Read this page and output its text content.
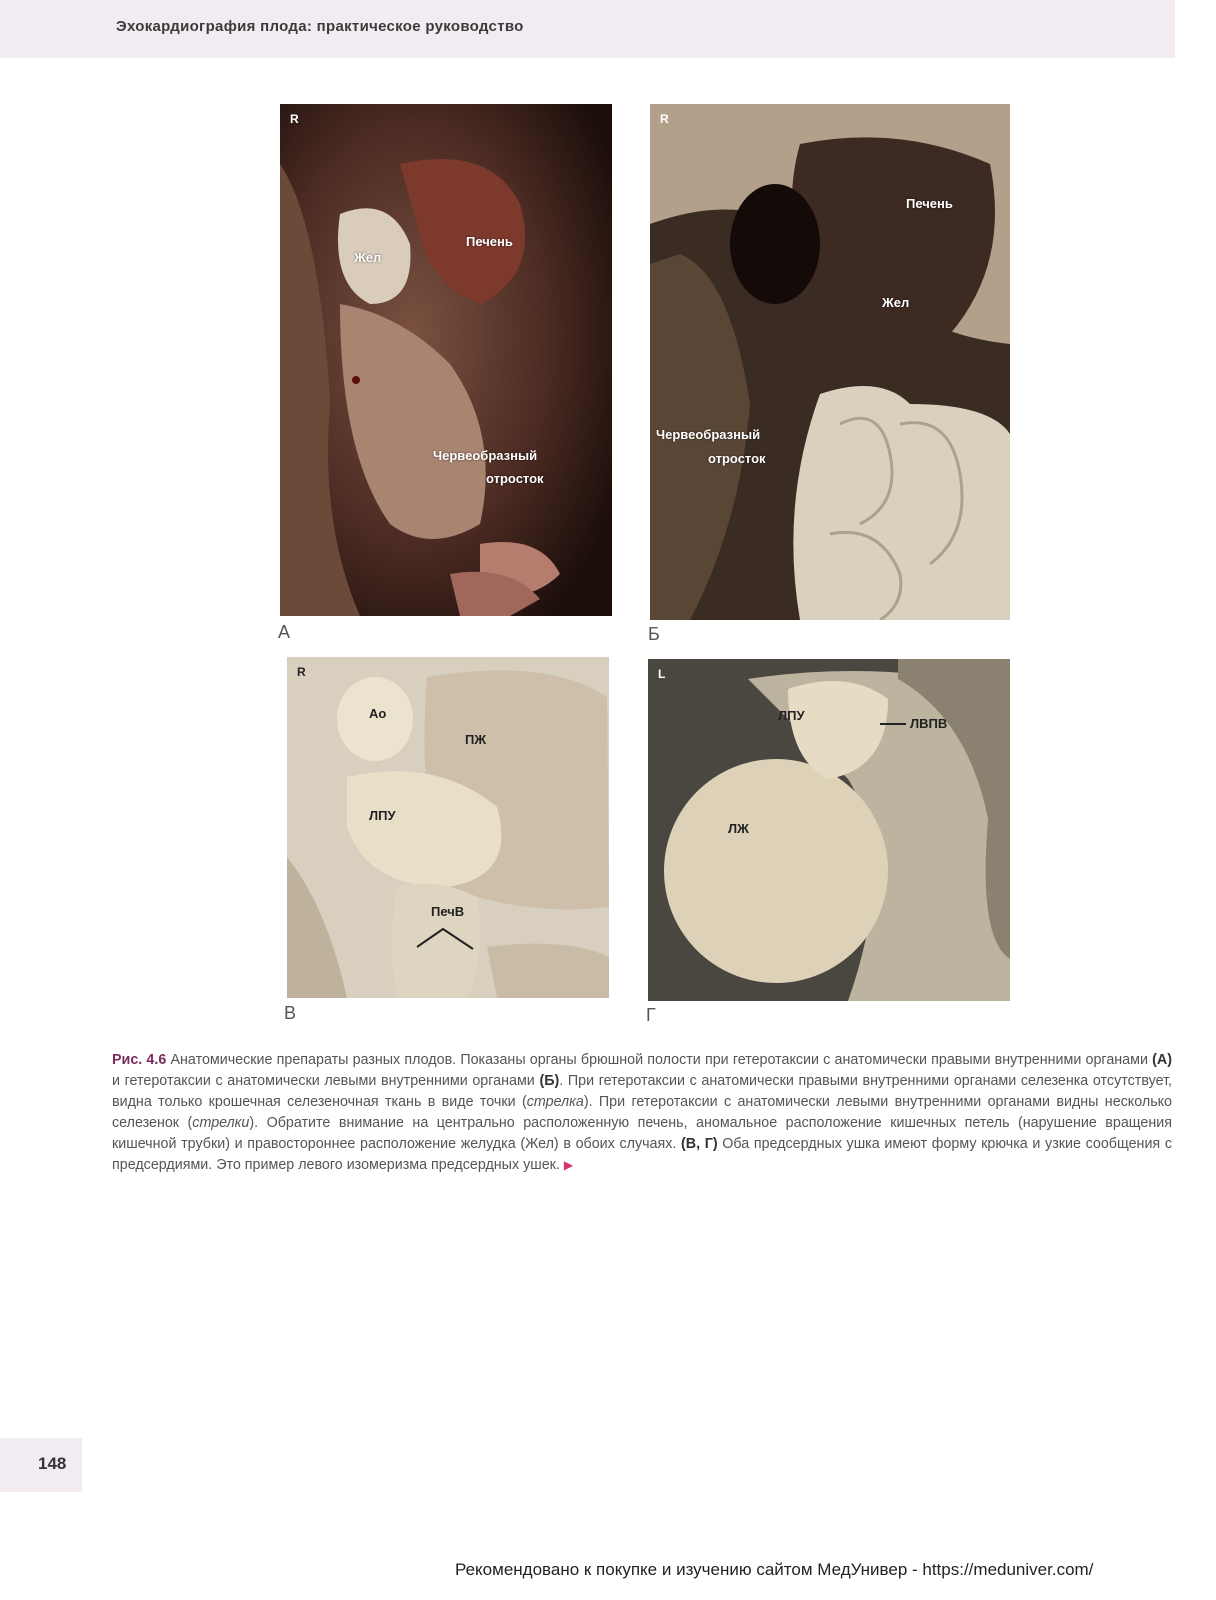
Эхокардиография плода: практическое руководство
R
Жел
Печень
Червеобразный
отросток
А
R
Печень
Жел
Червеобразный
отросток
Б
R
Ао
ПЖ
ЛПУ
ПечВ
В
L
ЛПУ
ЛВПВ
ЛЖ
Г
Рис. 4.6 Анатомические препараты разных плодов. Показаны органы брюшной полости при гетеротаксии с анатомически правыми внутренними органами (А) и гетеротаксии с анатомически левыми внутренними органами (Б). При гетеротаксии с анатомически правыми внутренними органами селезенка отсутствует, видна только крошечная селезеночная ткань в виде точки (стрелка). При гетеротаксии с анатомически левыми внутренними органами видны несколько селезенок (стрелки). Обратите внимание на центрально расположенную печень, аномальное расположение кишечных петель (нарушение вращения кишечной трубки) и правостороннее расположение желудка (Жел) в обоих случаях. (В, Г) Оба предсердных ушка имеют форму крючка и узкие сообщения с предсердиями. Это пример левого изомеризма предсердных ушек. ▶
148
Рекомендовано к покупке и изучению сайтом МедУнивер - https://meduniver.com/
